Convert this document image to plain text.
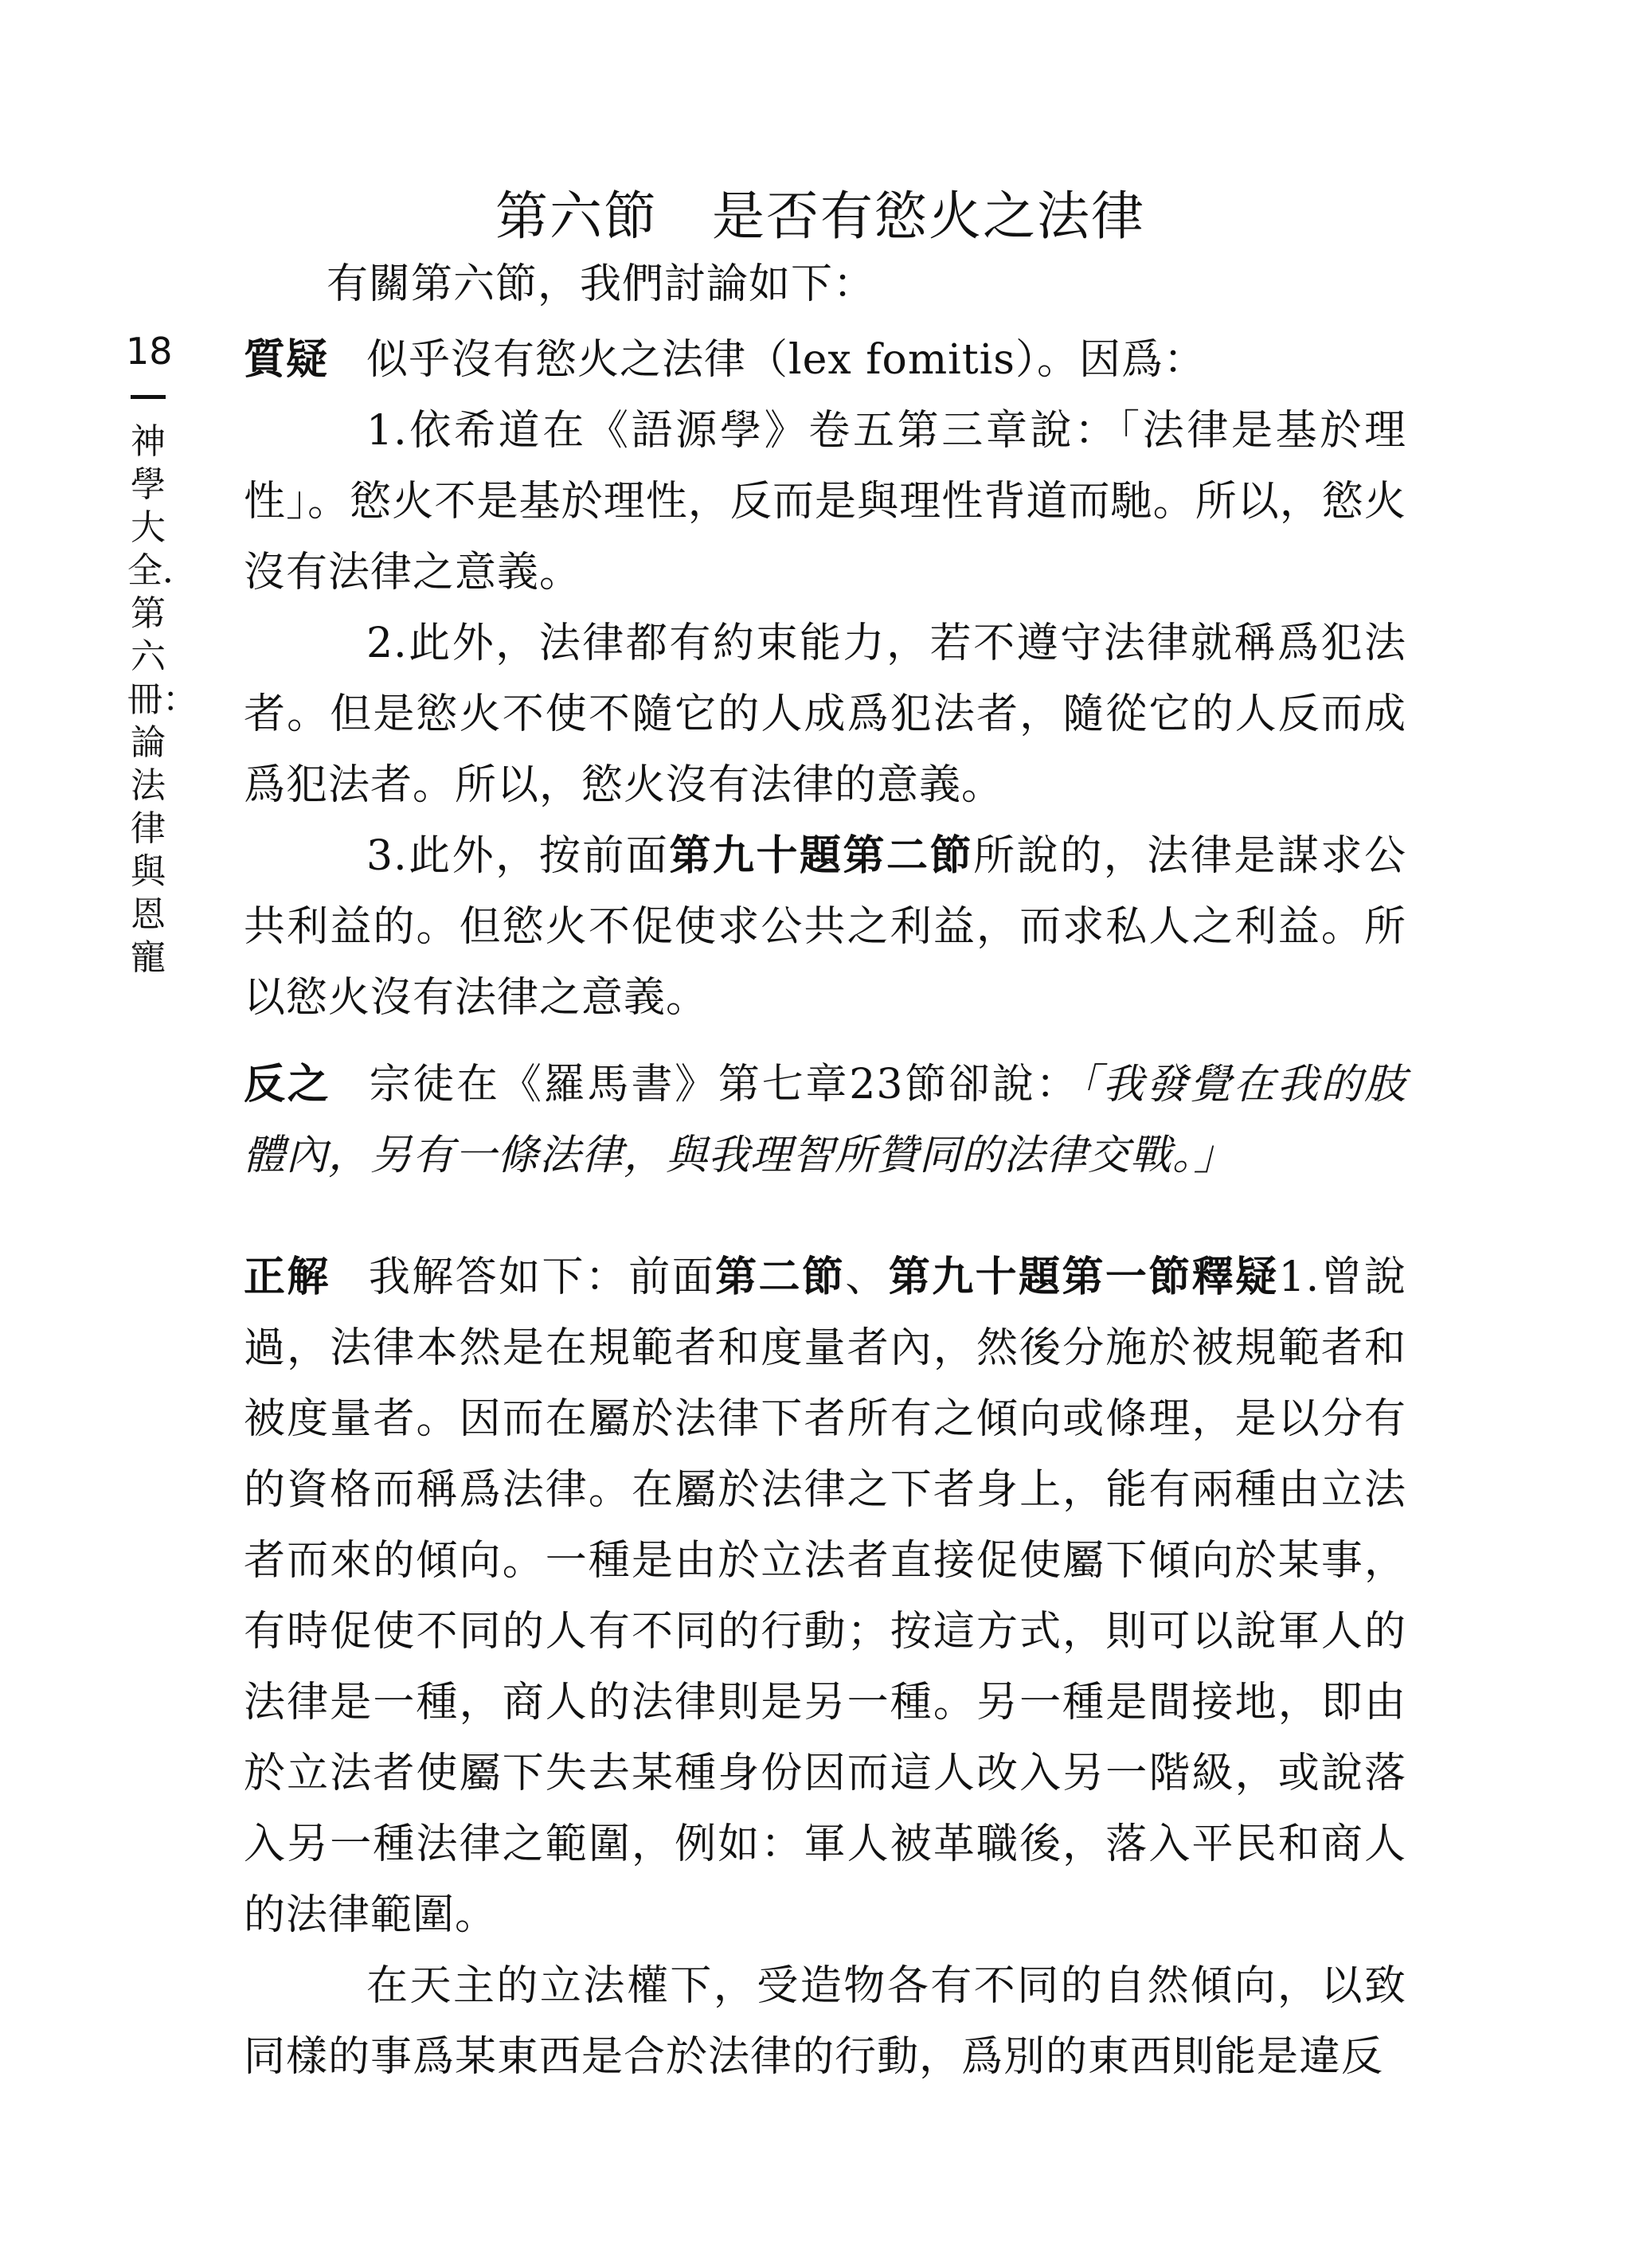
18
神學大全．第六冊：論法律與恩寵
第六節　是否有慾火之法律
有關第六節，我們討論如下：

質疑 似乎沒有慾火之法律（lex fomitis）。因爲：

1.依希道在《語源學》卷五第三章說：「法律是基於理性」。慾火不是基於理性，反而是與理性背道而馳。所以，慾火沒有法律之意義。

2.此外，法律都有約束能力，若不遵守法律就稱爲犯法者。但是慾火不使不隨它的人成爲犯法者，隨從它的人反而成爲犯法者。所以，慾火沒有法律的意義。

3.此外，按前面第九十題第二節所說的，法律是謀求公共利益的。但慾火不促使求公共之利益，而求私人之利益。所以慾火沒有法律之意義。

反之 宗徒在《羅馬書》第七章23節卻說：「我發覺在我的肢體內，另有一條法律，與我理智所贊同的法律交戰。」

正解 我解答如下：前面第二節、第九十題第一節釋疑1.曾說過，法律本然是在規範者和度量者內，然後分施於被規範者和被度量者。因而在屬於法律下者所有之傾向或條理，是以分有的資格而稱爲法律。在屬於法律之下者身上，能有兩種由立法者而來的傾向。一種是由於立法者直接促使屬下傾向於某事，有時促使不同的人有不同的行動；按這方式，則可以說軍人的法律是一種，商人的法律則是另一種。另一種是間接地，即由於立法者使屬下失去某種身份因而這人改入另一階級，或說落入另一種法律之範圍，例如：軍人被革職後，落入平民和商人的法律範圍。

在天主的立法權下，受造物各有不同的自然傾向，以致同樣的事爲某東西是合於法律的行動，爲別的東西則能是違反
